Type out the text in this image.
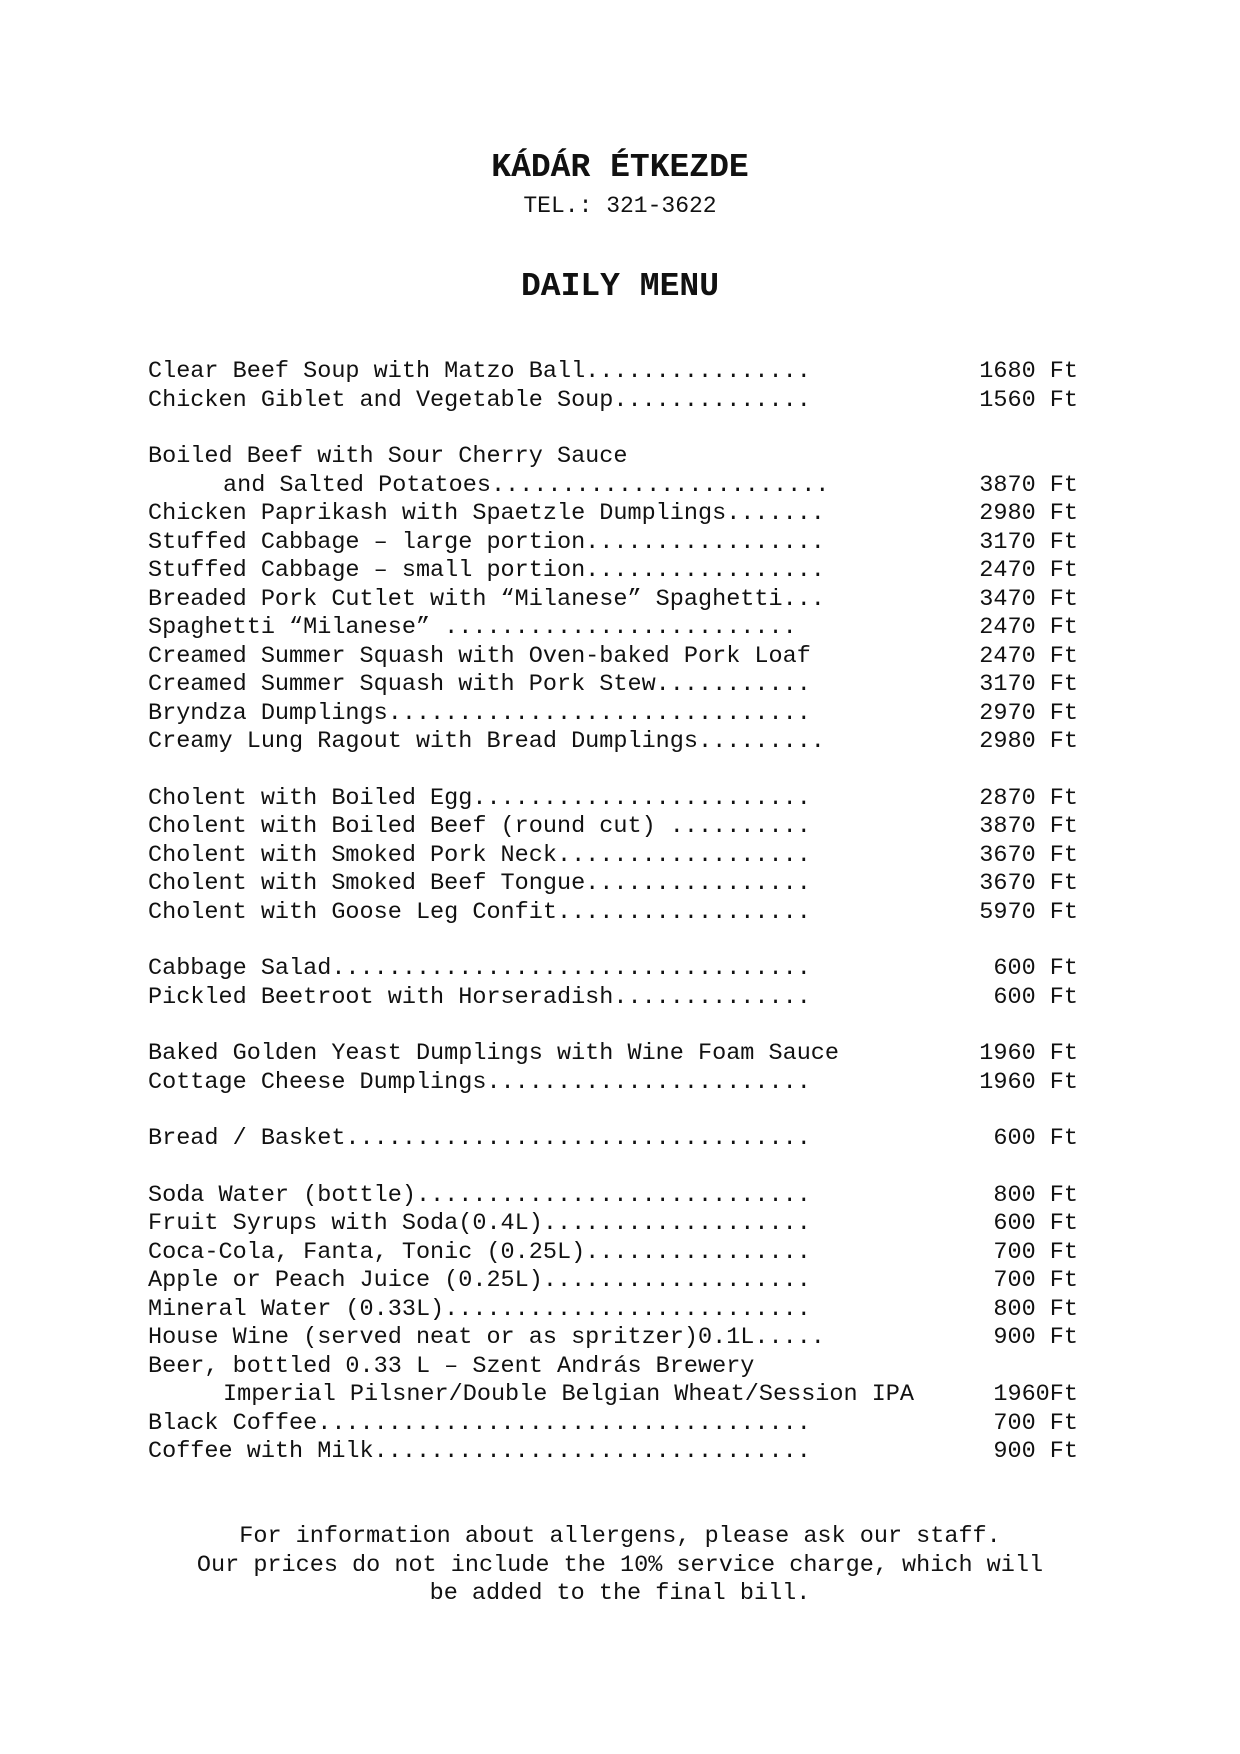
KÁDÁR ÉTKEZDE
TEL.: 321-3622
DAILY MENU
Clear Beef Soup with Matzo Ball................	1680 Ft
Chicken Giblet and Vegetable Soup..............	1560 Ft
Boiled Beef with Sour Cherry Sauce
and Salted Potatoes........................	3870 Ft
Chicken Paprikash with Spaetzle Dumplings.......	2980 Ft
Stuffed Cabbage – large portion.................	3170 Ft
Stuffed Cabbage – small portion.................	2470 Ft
Breaded Pork Cutlet with “Milanese” Spaghetti...	3470 Ft
Spaghetti “Milanese” .........................	2470 Ft
Creamed Summer Squash with Oven-baked Pork Loaf	2470 Ft
Creamed Summer Squash with Pork Stew...........	3170 Ft
Bryndza Dumplings..............................	2970 Ft
Creamy Lung Ragout with Bread Dumplings.........	2980 Ft
Cholent with Boiled Egg........................	2870 Ft
Cholent with Boiled Beef (round cut) ..........	3870 Ft
Cholent with Smoked Pork Neck..................	3670 Ft
Cholent with Smoked Beef Tongue................	3670 Ft
Cholent with Goose Leg Confit..................	5970 Ft
Cabbage Salad..................................	600 Ft
Pickled Beetroot with Horseradish..............	600 Ft
Baked Golden Yeast Dumplings with Wine Foam Sauce	1960 Ft
Cottage Cheese Dumplings.......................	1960 Ft
Bread / Basket.................................	600 Ft
Soda Water (bottle)............................	800 Ft
Fruit Syrups with Soda(0.4L)...................	600 Ft
Coca-Cola, Fanta, Tonic (0.25L)................	700 Ft
Apple or Peach Juice (0.25L)...................	700 Ft
Mineral Water (0.33L)..........................	800 Ft
House Wine (served neat or as spritzer)0.1L.....	900 Ft
Beer, bottled 0.33 L – Szent András Brewery
Imperial Pilsner/Double Belgian Wheat/Session IPA	1960Ft
Black Coffee...................................	700 Ft
Coffee with Milk...............................	900 Ft
For information about allergens, please ask our staff.
Our prices do not include the 10% service charge, which will
be added to the final bill.
